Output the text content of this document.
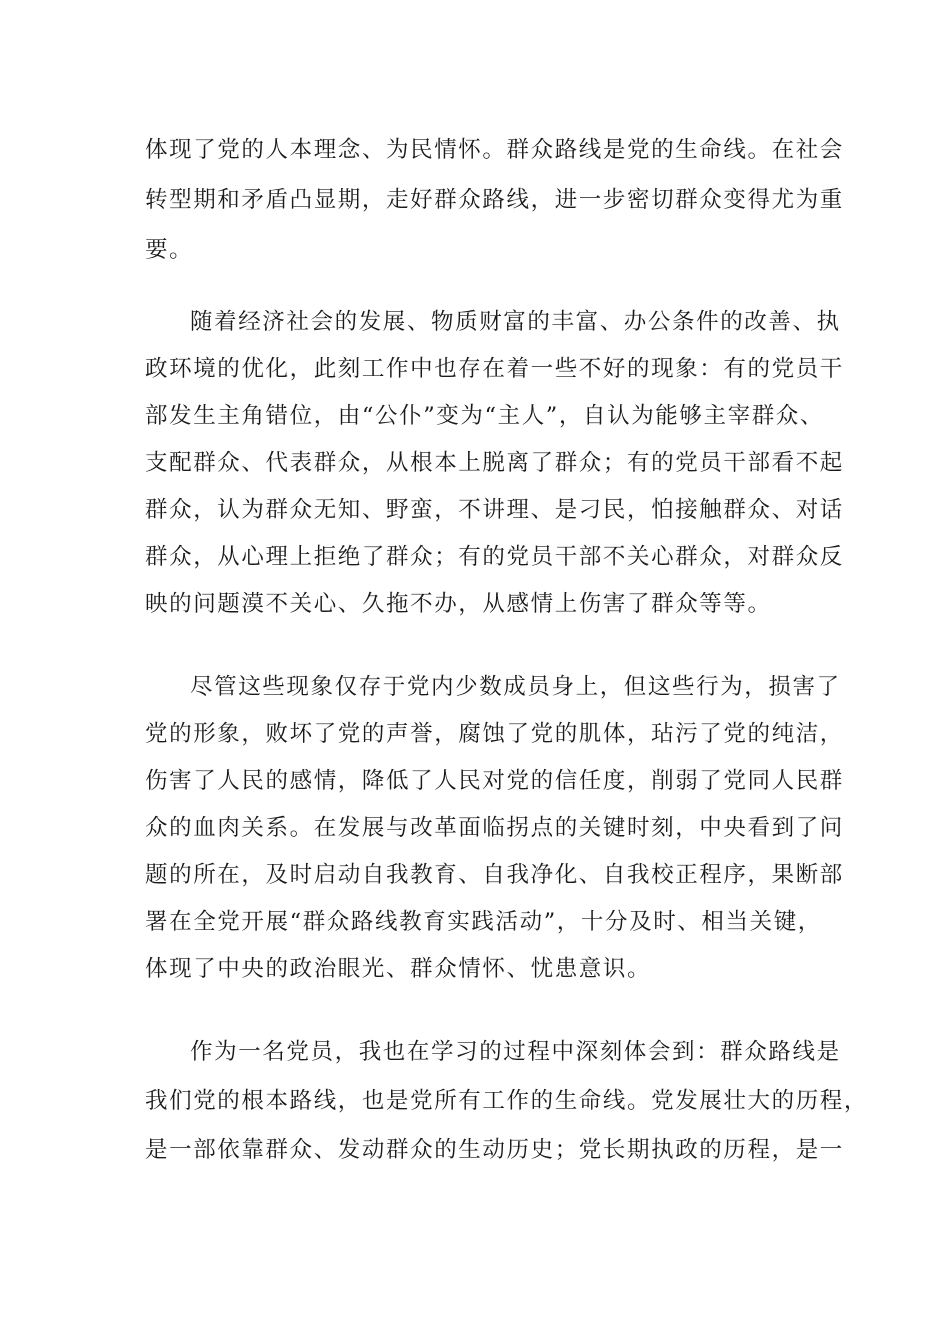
体现了党的人本理念、为民情怀。群众路线是党的生命线。在社会
转型期和矛盾凸显期，走好群众路线，进一步密切群众变得尤为重
要。
随着经济社会的发展、物质财富的丰富、办公条件的改善、执
政环境的优化，此刻工作中也存在着一些不好的现象：有的党员干
部发生主角错位，由“公仆”变为“主人”，自认为能够主宰群众、
支配群众、代表群众，从根本上脱离了群众；有的党员干部看不起
群众，认为群众无知、野蛮，不讲理、是刁民，怕接触群众、对话
群众，从心理上拒绝了群众；有的党员干部不关心群众，对群众反
映的问题漠不关心、久拖不办，从感情上伤害了群众等等。
尽管这些现象仅存于党内少数成员身上，但这些行为，损害了
党的形象，败坏了党的声誉，腐蚀了党的肌体，玷污了党的纯洁，
伤害了人民的感情，降低了人民对党的信任度，削弱了党同人民群
众的血肉关系。在发展与改革面临拐点的关键时刻，中央看到了问
题的所在，及时启动自我教育、自我净化、自我校正程序，果断部
署在全党开展“群众路线教育实践活动”，十分及时、相当关键，
体现了中央的政治眼光、群众情怀、忧患意识。
作为一名党员，我也在学习的过程中深刻体会到：群众路线是
我们党的根本路线，也是党所有工作的生命线。党发展壮大的历程，
是一部依靠群众、发动群众的生动历史；党长期执政的历程，是一
